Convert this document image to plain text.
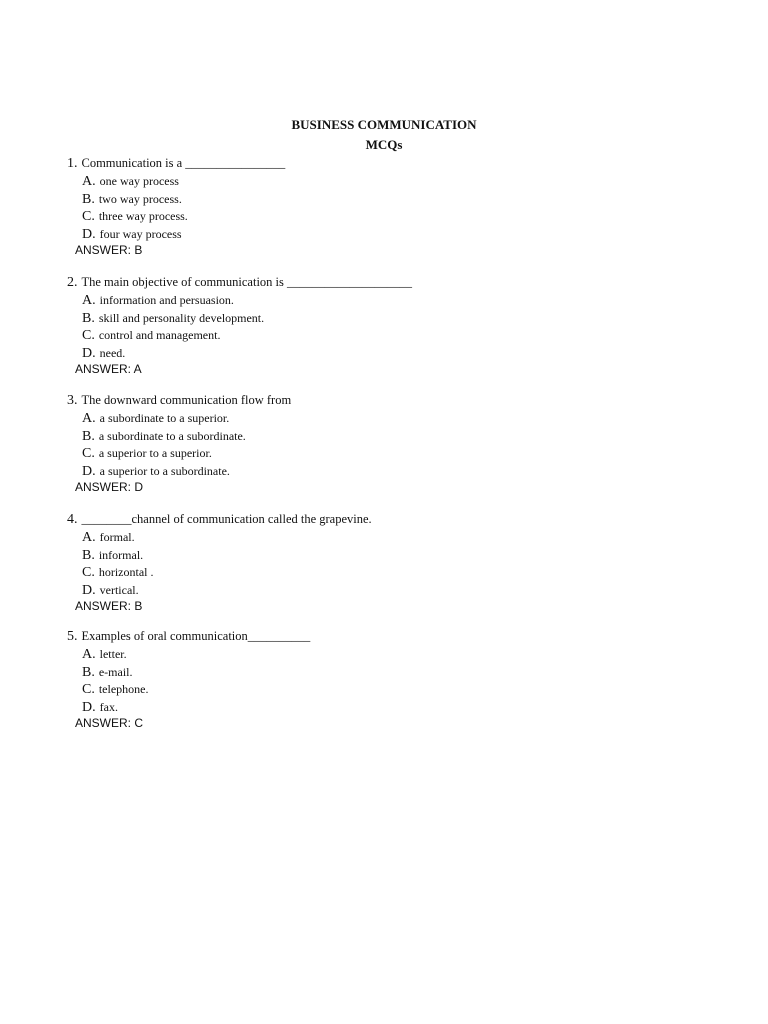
BUSINESS COMMUNICATION
MCQs
1. Communication is a ________________
A. one way process
B. two way process.
C. three way process.
D. four way process
ANSWER: B
2. The main objective of communication is ____________________
A. information and persuasion.
B. skill and personality development.
C. control and management.
D. need.
ANSWER: A
3. The downward communication flow from
A. a subordinate to a superior.
B. a subordinate to a subordinate.
C. a superior to a superior.
D. a superior to a subordinate.
ANSWER: D
4. ________channel of communication called the grapevine.
A. formal.
B. informal.
C. horizontal .
D. vertical.
ANSWER: B
5. Examples of oral communication__________
A. letter.
B. e-mail.
C. telephone.
D. fax.
ANSWER: C
